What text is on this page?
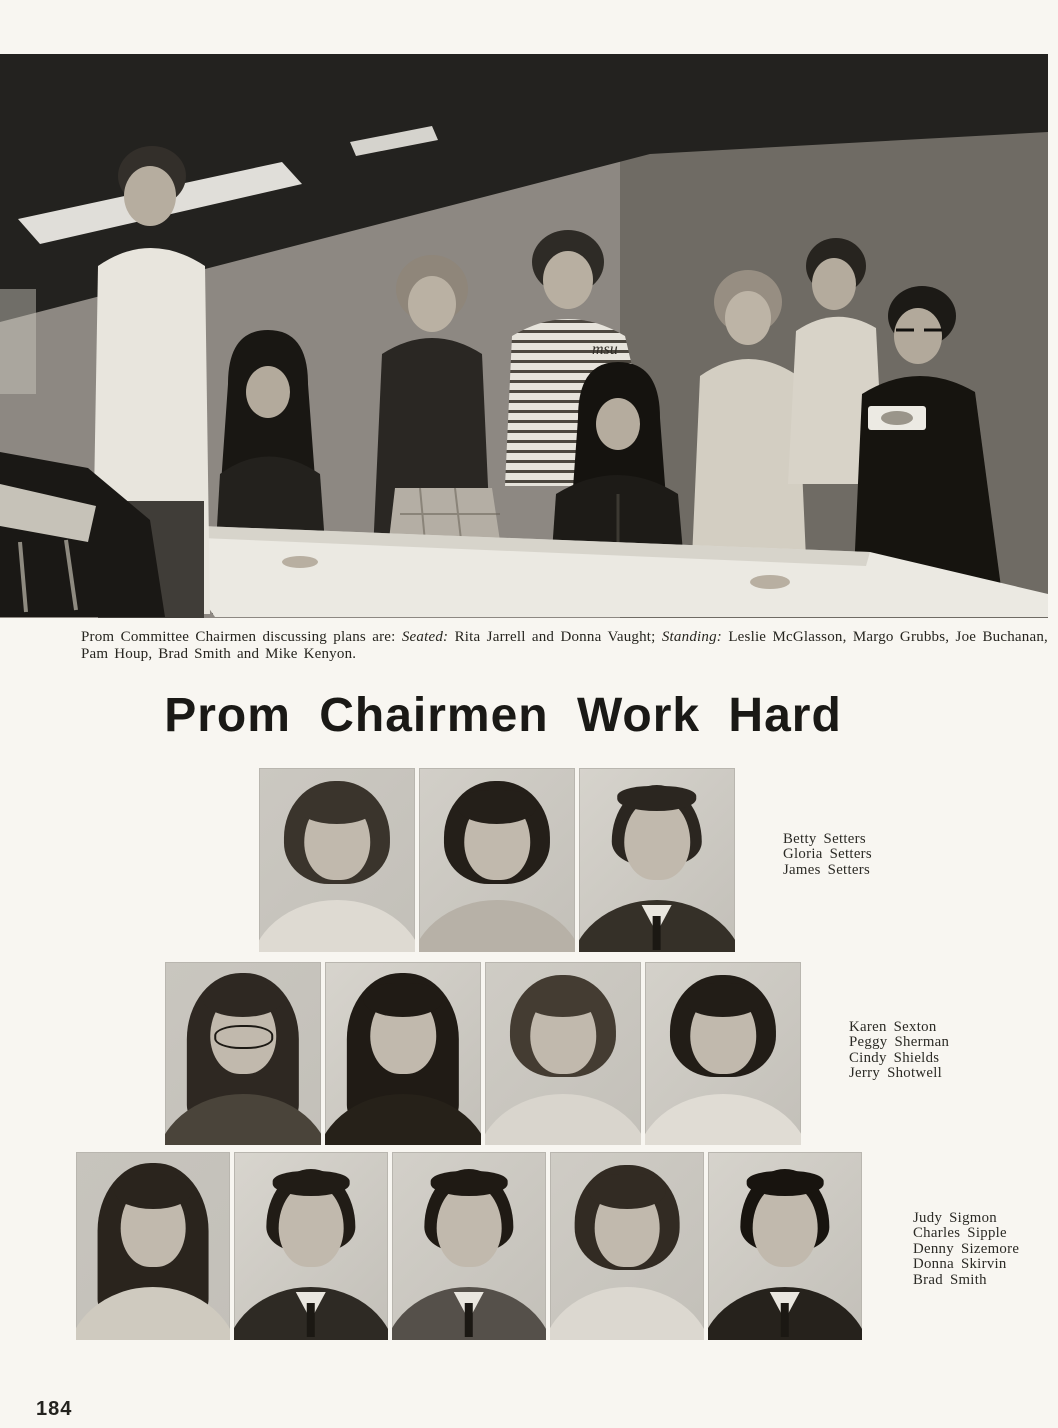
msu

Prom Committee Chairmen discussing plans are: Seated: Rita Jarrell and Donna Vaught; Standing: Leslie McGlasson, Margo Grubbs, Joe Buchanan, Pam Houp, Brad Smith and Mike Kenyon.

Prom Chairmen Work Hard
Betty Setters
Gloria Setters
James Setters
Karen Sexton
Peggy Sherman
Cindy Shields
Jerry Shotwell
Judy Sigmon
Charles Sipple
Denny Sizemore
Donna Skirvin
Brad Smith
184
